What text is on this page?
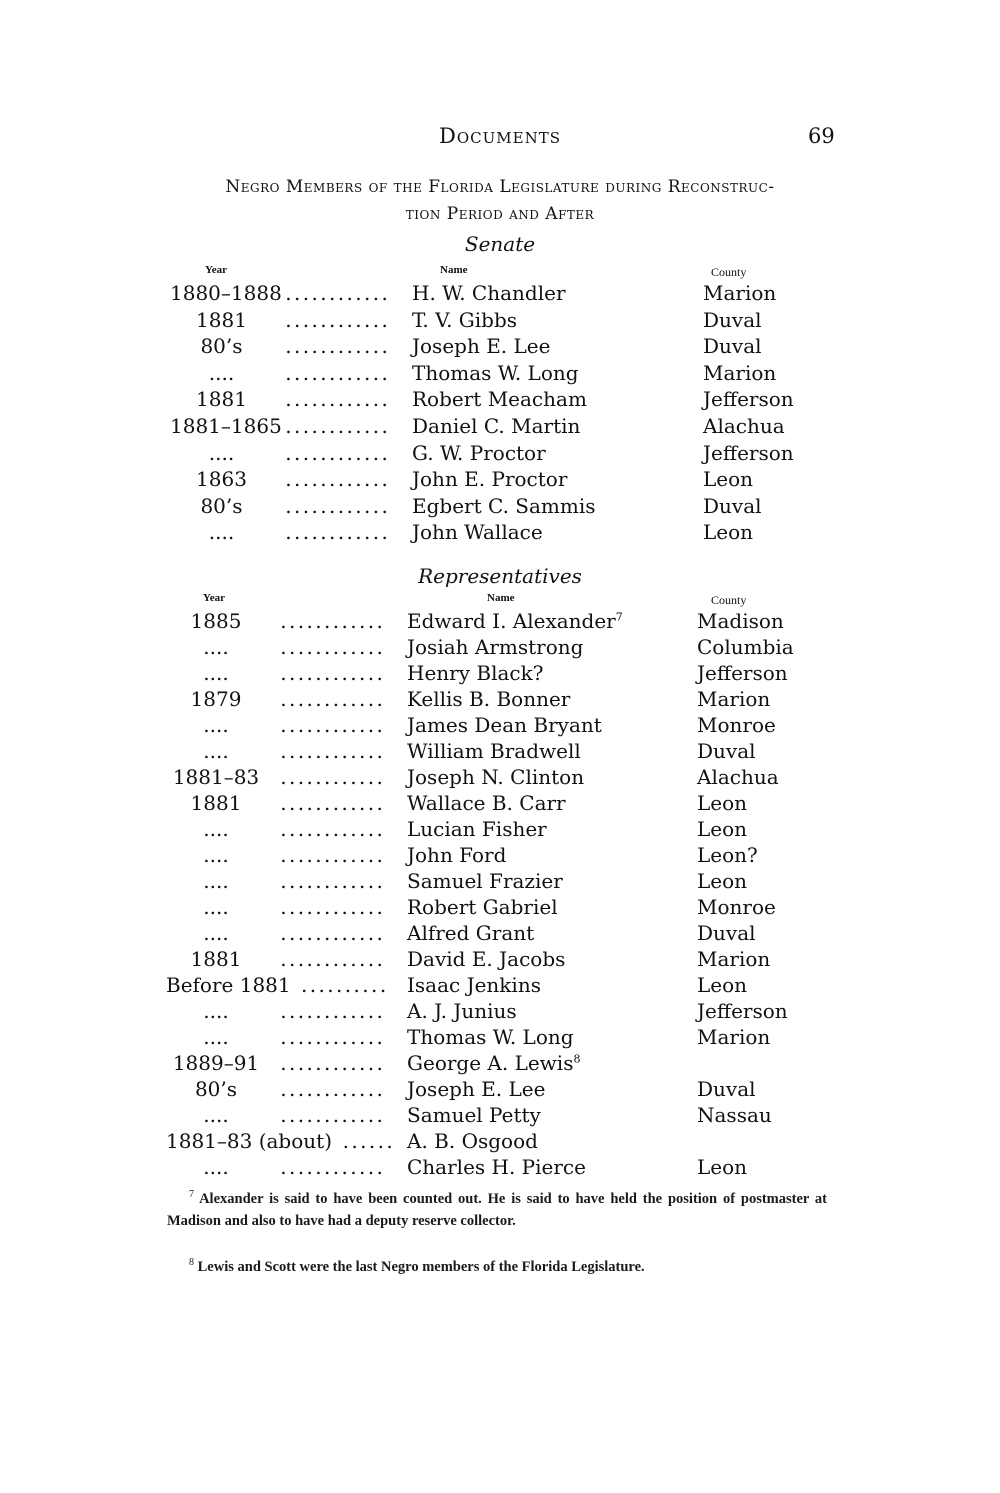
Documents	69
Negro Members of the Florida Legislature during Reconstruc-
tion Period and After
Senate
Year	Name	County
1880–1888 ............ H. W. Chandler	Marion
1881	............ T. V. Gibbs	Duval
80’s	............ Joseph E. Lee	Duval
....	............ Thomas W. Long	Marion
1881	............ Robert Meacham	Jefferson
1881–1865 ............ Daniel C. Martin	Alachua
....	............ G. W. Proctor	Jefferson
1863	............ John E. Proctor	Leon
80’s	............ Egbert C. Sammis	Duval
....	............ John Wallace	Leon
Representatives
Year	Name	County
1885	............ Edward I. Alexander$^7$	Madison
....	............ Josiah Armstrong	Columbia
....	............ Henry Black?	Jefferson
1879	............ Kellis B. Bonner	Marion
....	............ James Dean Bryant	Monroe
....	............ William Bradwell	Duval
1881–83	............ Joseph N. Clinton	Alachua
1881	............ Wallace B. Carr	Leon
....	............ Lucian Fisher	Leon
....	............ John Ford	Leon?
....	............ Samuel Frazier	Leon
....	............ Robert Gabriel	Monroe
....	............ Alfred Grant	Duval
1881	............ David E. Jacobs	Marion
Before 1881 .......... Isaac Jenkins	Leon
....	............ A. J. Junius	Jefferson
....	............ Thomas W. Long	Marion
1889–91	............ George A. Lewis$^8$
80’s	............ Joseph E. Lee	Duval
....	............ Samuel Petty	Nassau
1881–83 (about) ...... A. B. Osgood
....	............ Charles H. Pierce	Leon
$^7$ Alexander is said to have been counted out. He is said to have held the position of postmaster at Madison and also to have had a deputy reserve collector.
$^8$ Lewis and Scott were the last Negro members of the Florida Legislature.
